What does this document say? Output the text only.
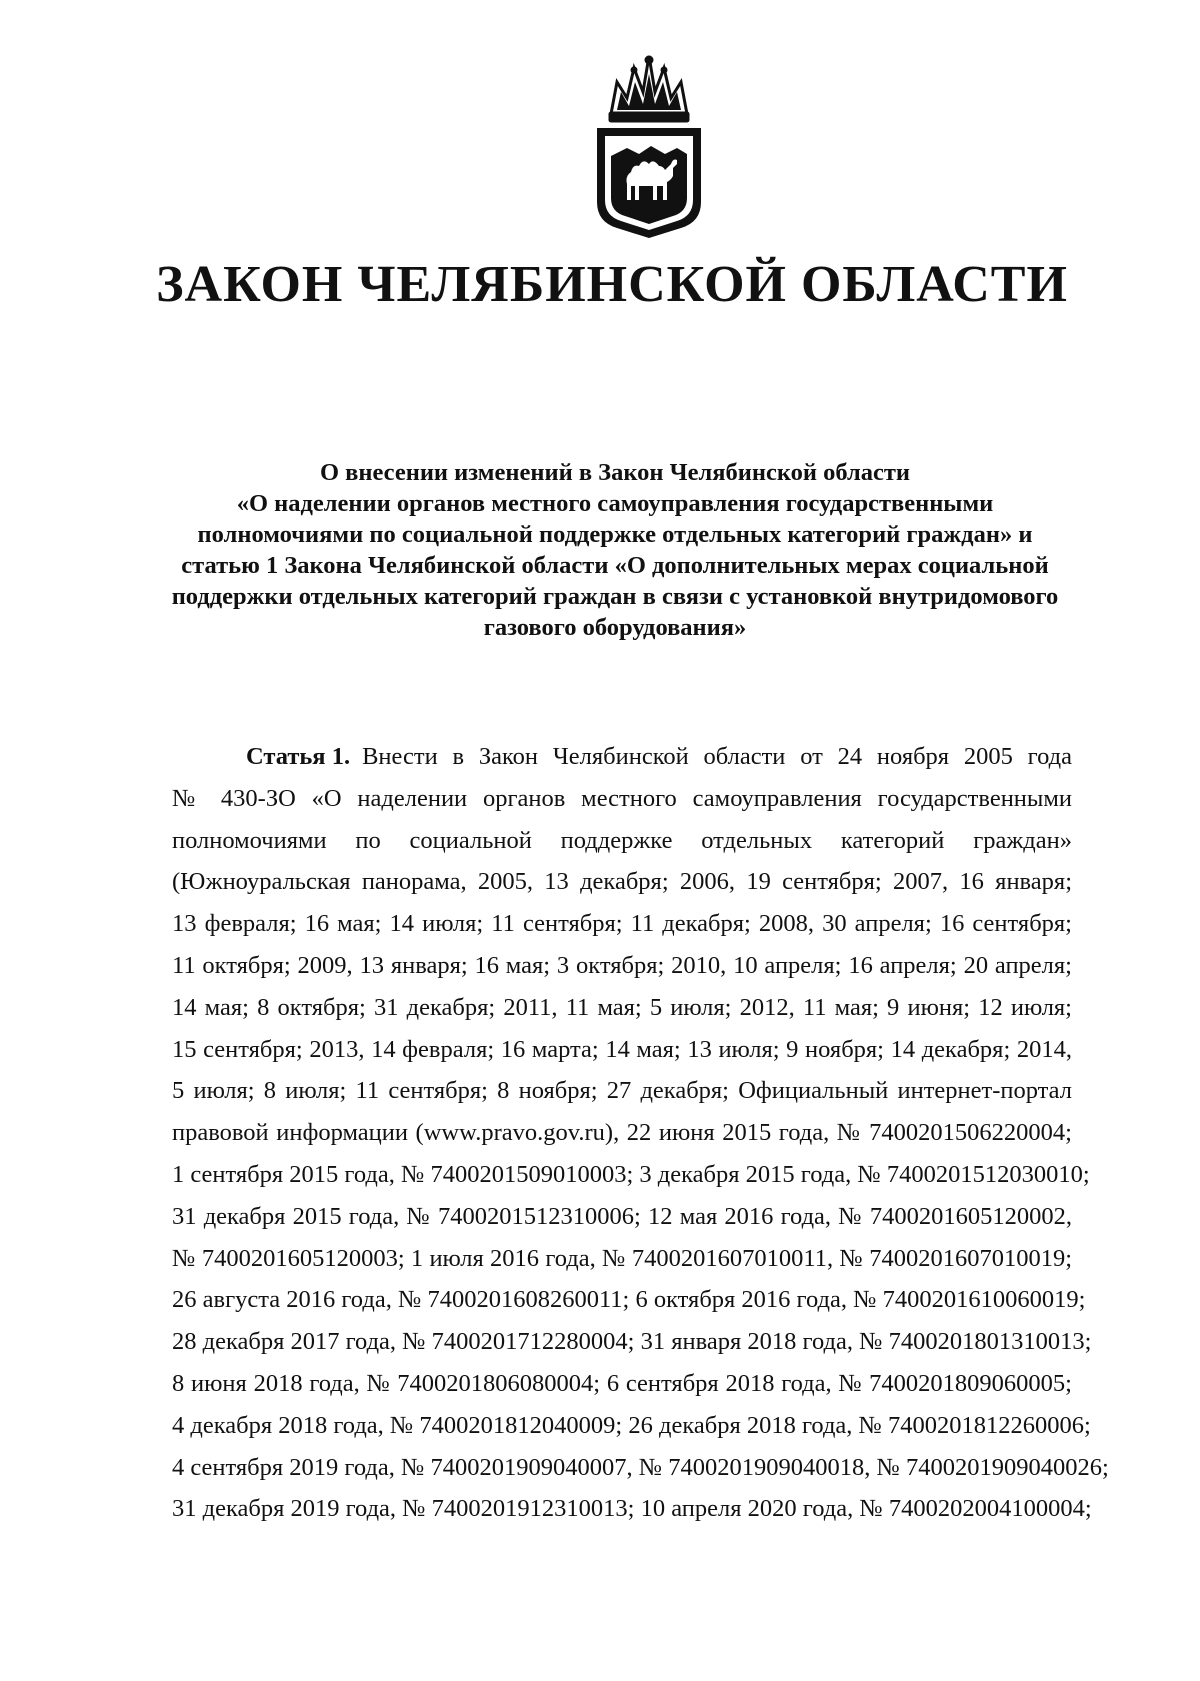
ЗАКОН ЧЕЛЯБИНСКОЙ ОБЛАСТИ
О внесении изменений в Закон Челябинской области
«О наделении органов местного самоуправления государственными
полномочиями по социальной поддержке отдельных категорий граждан» и
статью 1 Закона Челябинской области «О дополнительных мерах социальной
поддержки отдельных категорий граждан в связи с установкой внутридомового
газового оборудования»
Статья 1. Внести в Закон Челябинской области от 24 ноября 2005 года
№ 430-ЗО «О наделении органов местного самоуправления государственными
полномочиями по социальной поддержке отдельных категорий граждан»
(Южноуральская панорама, 2005, 13 декабря; 2006, 19 сентября; 2007, 16 января;
13 февраля; 16 мая; 14 июля; 11 сентября; 11 декабря; 2008, 30 апреля; 16 сентября;
11 октября; 2009, 13 января; 16 мая; 3 октября; 2010, 10 апреля; 16 апреля; 20 апреля;
14 мая; 8 октября; 31 декабря; 2011, 11 мая; 5 июля; 2012, 11 мая; 9 июня; 12 июля;
15 сентября; 2013, 14 февраля; 16 марта; 14 мая; 13 июля; 9 ноября; 14 декабря; 2014,
5 июля; 8 июля; 11 сентября; 8 ноября; 27 декабря; Официальный интернет-портал
правовой информации (www.pravo.gov.ru), 22 июня 2015 года, № 7400201506220004;
1 сентября 2015 года, № 7400201509010003; 3 декабря 2015 года, № 7400201512030010;
31 декабря 2015 года, № 7400201512310006; 12 мая 2016 года, № 7400201605120002,
№ 7400201605120003; 1 июля 2016 года, № 7400201607010011, № 7400201607010019;
26 августа 2016 года, № 7400201608260011; 6 октября 2016 года, № 7400201610060019;
28 декабря 2017 года, № 7400201712280004; 31 января 2018 года, № 7400201801310013;
8 июня 2018 года, № 7400201806080004; 6 сентября 2018 года, № 7400201809060005;
4 декабря 2018 года, № 7400201812040009; 26 декабря 2018 года, № 7400201812260006;
4 сентября 2019 года, № 7400201909040007, № 7400201909040018, № 7400201909040026;
31 декабря 2019 года, № 7400201912310013; 10 апреля 2020 года, № 7400202004100004;
